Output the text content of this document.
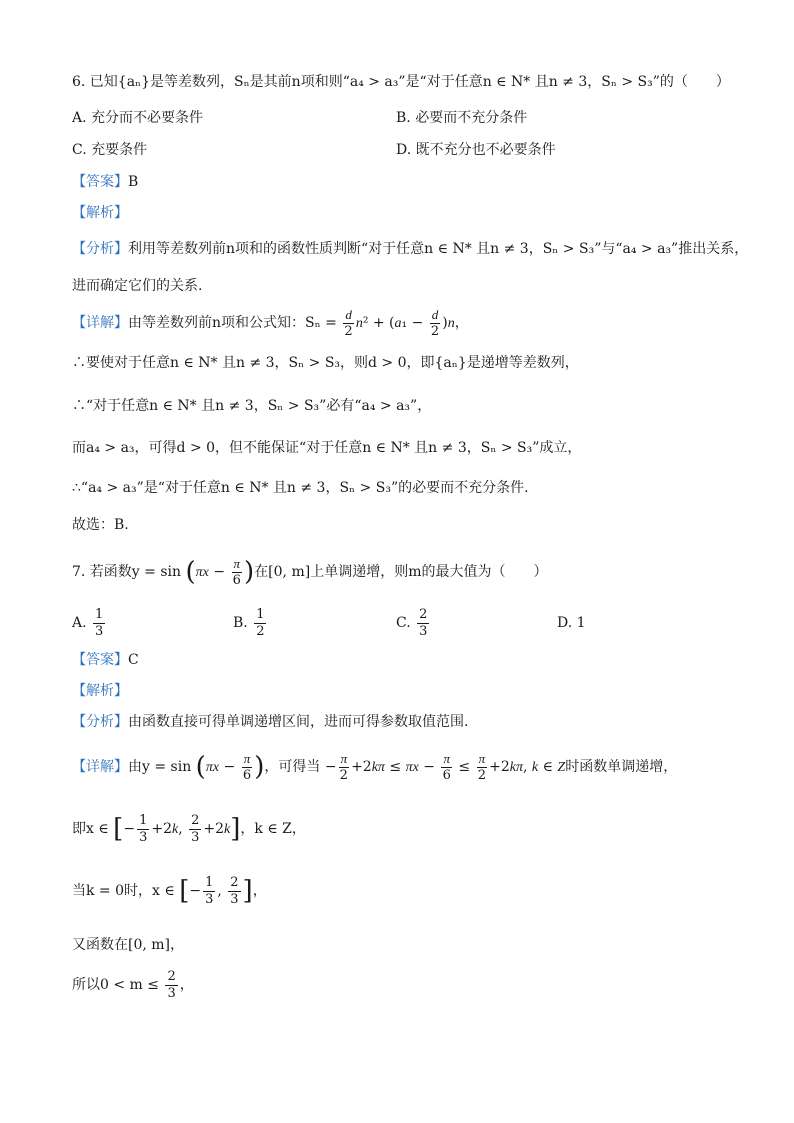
6. 已知{aₙ}是等差数列，Sₙ是其前n项和则“a₄ > a₃”是“对于任意n ∈ N* 且n ≠ 3，Sₙ > S₃”的（　　）
A. 充分而不必要条件	B. 必要而不充分条件
C. 充要条件	D. 既不充分也不必要条件
【答案】B
【解析】
【分析】利用等差数列前n项和的函数性质判断“对于任意n ∈ N* 且n ≠ 3，Sₙ > S₃”与“a₄ > a₃”推出关系，
进而确定它们的关系.
【详解】由等差数列前n项和公式知：$S_n = \frac{d}{2} n^2 + (a_1 - \frac{d}{2} )n$，
∴要使对于任意n ∈ N* 且n ≠ 3，Sₙ > S₃，则d > 0，即{aₙ}是递增等差数列，
∴“对于任意n ∈ N* 且n ≠ 3，Sₙ > S₃”必有“a₄ > a₃”，
而a₄ > a₃，可得d > 0，但不能保证“对于任意n ∈ N* 且n ≠ 3，Sₙ > S₃”成立，
∴“a₄ > a₃”是“对于任意n ∈ N* 且n ≠ 3，Sₙ > S₃”的必要而不充分条件.
故选：B.
7. 若函数$y = \sin (\pi x - \frac{\pi}{6}$ )在[0, m]上单调递增，则m的最大值为（　　）
A. $\frac{1}{3}$	B. $\frac{1}{2}$	C. $\frac{2}{3}$	D. 1
【答案】C
【解析】
【分析】由函数直接可得单调递增区间，进而可得参数取值范围.
【详解】由$y = \sin (\pi x - \frac{\pi}{6}$ )，可得当 − $\frac{\pi}{2} +2k\pi \le \pi x - \frac{\pi}{6} \le \frac{\pi}{2} +2k\pi$, k ∈ Z时函数单调递增，
即x ∈ [− $\frac{1}{3} +2k$, $\frac{2}{3} +2k$]，k ∈ Z，
当k = 0时，x ∈ [− $\frac{1}{3}$ , $\frac{2}{3}$ ]，
又函数在[0, m]，
所以$0 < m \le \frac{2}{3}$ ，
